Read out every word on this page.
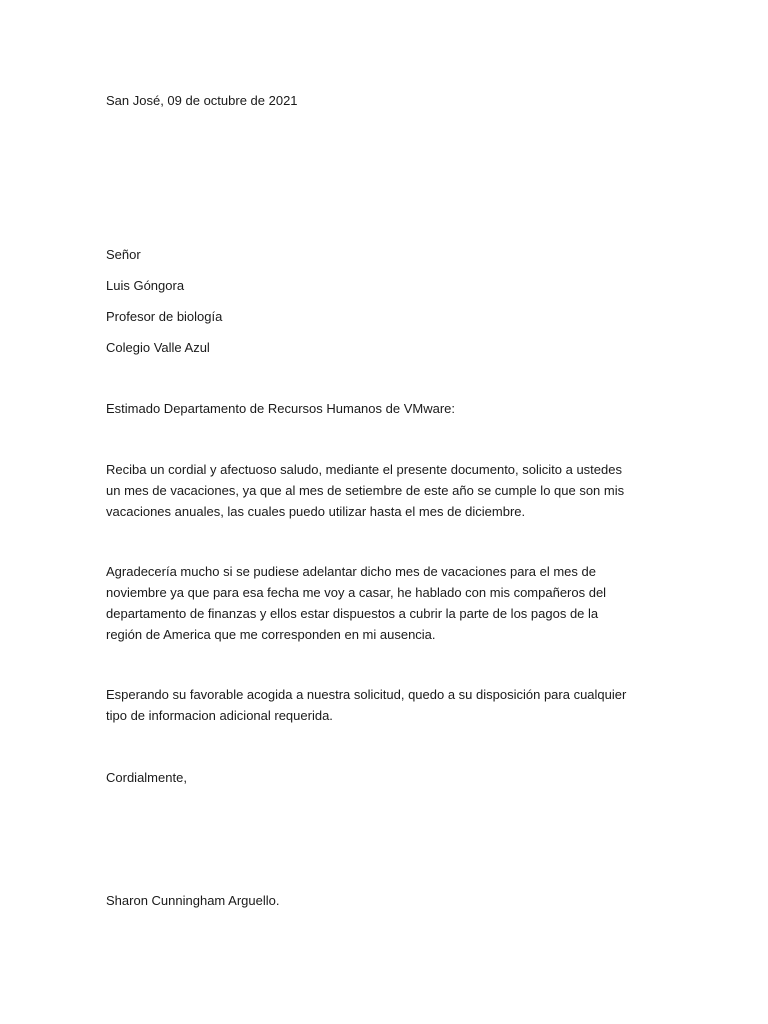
San José, 09 de octubre de 2021

Señor

Luis Góngora

Profesor de biología

Colegio Valle Azul

Estimado Departamento de Recursos Humanos de VMware:

Reciba un cordial y afectuoso saludo, mediante el presente documento, solicito a ustedes
un mes de vacaciones, ya que al mes de setiembre de este año se cumple lo que son mis
vacaciones anuales, las cuales puedo utilizar hasta el mes de diciembre.
Agradecería mucho si se pudiese adelantar dicho mes de vacaciones para el mes de
noviembre ya que para esa fecha me voy a casar, he hablado con mis compañeros del
departamento de finanzas y ellos estar dispuestos a cubrir la parte de los pagos de la
región de America que me corresponden en mi ausencia.
Esperando su favorable acogida a nuestra solicitud, quedo a su disposición para cualquier
tipo de informacion adicional requerida.

Cordialmente,

Sharon Cunningham Arguello.
